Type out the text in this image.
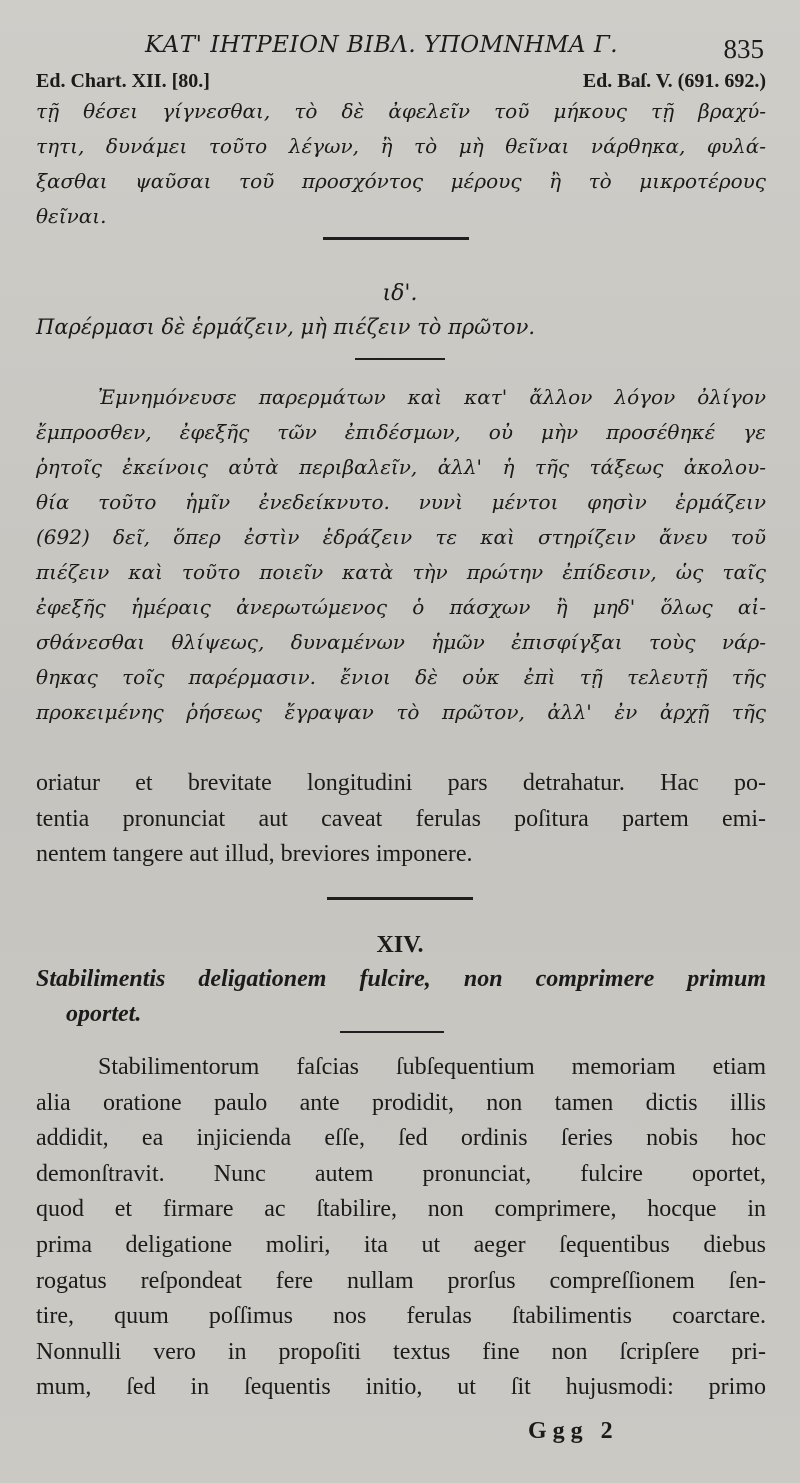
ΚΑΤ' ΙΗΤΡΕΙΟΝ ΒΙΒΛ. ΥΠΟΜΝΗΜΑ Γ.	835
Ed. Chart. XII. [80.]	Ed. Baſ. V. (691. 692.)
τῇ θέσει γίγνεσθαι, τὸ δὲ ἀφελεῖν τοῦ μήκους τῇ βραχύ-
τητι, δυνάμει τοῦτο λέγων, ἢ τὸ μὴ θεῖναι νάρθηκα, φυλά-
ξασθαι ψαῦσαι τοῦ προσχόντος μέρους ἢ τὸ μικροτέρους
θεῖναι.
ιδ'.
Παρέρμασι δὲ ἑρμάζειν, μὴ πιέζειν τὸ πρῶτον.
Ἐμνημόνευσε παρερμάτων καὶ κατ' ἄλλον λόγον ὀλίγον
ἔμπροσθεν, ἐφεξῆς τῶν ἐπιδέσμων, οὐ μὴν προσέθηκέ γε
ῥητοῖς ἐκείνοις αὐτὰ περιβαλεῖν, ἀλλ' ἡ τῆς τάξεως ἀκολου-
θία τοῦτο ἡμῖν ἐνεδείκνυτο. νυνὶ μέντοι φησὶν ἑρμάζειν
(692) δεῖ, ὅπερ ἐστὶν ἑδράζειν τε καὶ στηρίζειν ἄνευ τοῦ
πιέζειν καὶ τοῦτο ποιεῖν κατὰ τὴν πρώτην ἐπίδεσιν, ὡς ταῖς
ἐφεξῆς ἡμέραις ἀνερωτώμενος ὁ πάσχων ἢ μηδ' ὅλως αἰ-
σθάνεσθαι θλίψεως, δυναμένων ἡμῶν ἐπισφίγξαι τοὺς νάρ-
θηκας τοῖς παρέρμασιν. ἔνιοι δὲ οὐκ ἐπὶ τῇ τελευτῇ τῆς
προκειμένης ῥήσεως ἔγραψαν τὸ πρῶτον, ἀλλ' ἐν ἀρχῇ τῆς
oriatur et brevitate longitudini pars detrahatur. Hac po-
tentia pronunciat aut caveat ferulas poſitura partem emi-
nentem tangere aut illud, breviores imponere.
XIV.
Stabilimentis deligationem fulcire, non comprimere primum
oportet.
Stabilimentorum faſcias ſubſequentium memoriam etiam
alia oratione paulo ante prodidit, non tamen dictis illis
addidit, ea injicienda eſſe, ſed ordinis ſeries nobis hoc
demonſtravit. Nunc autem pronunciat, fulcire oportet,
quod et firmare ac ſtabilire, non comprimere, hocque in
prima deligatione moliri, ita ut aeger ſequentibus diebus
rogatus reſpondeat fere nullam prorſus compreſſionem ſen-
tire, quum poſſimus nos ferulas ſtabilimentis coarctare.
Nonnulli vero in propoſiti textus fine non ſcripſere pri-
mum, ſed in ſequentis initio, ut ſit hujusmodi: primo
Ggg 2
